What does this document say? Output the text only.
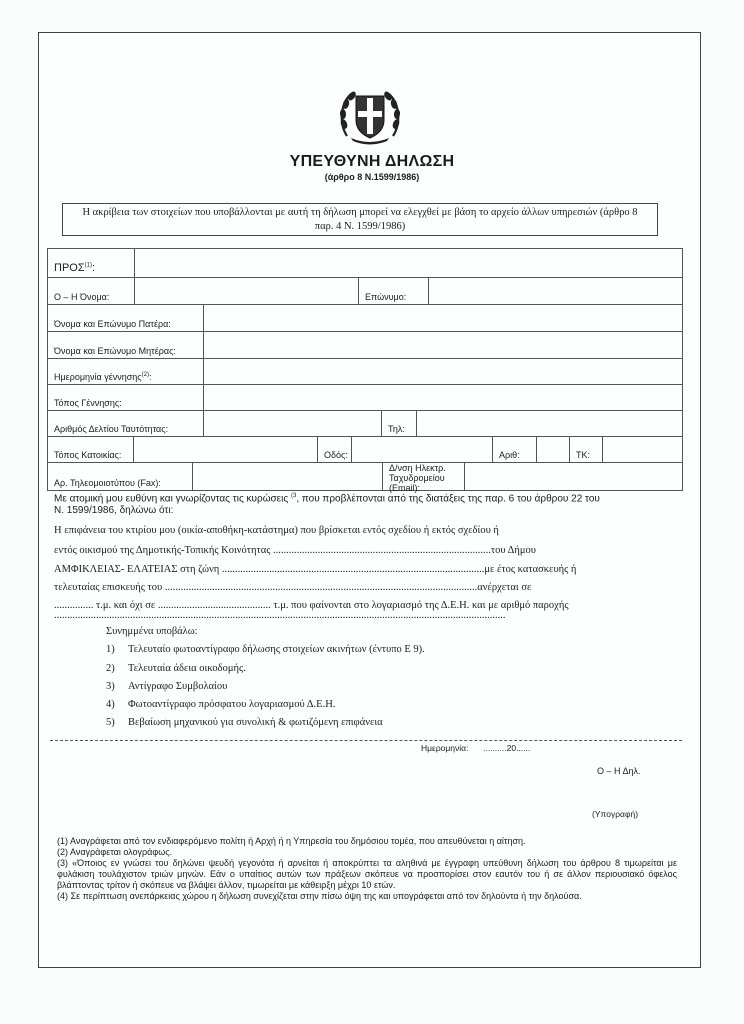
ΥΠΕΥΘΥΝΗ ΔΗΛΩΣΗ
(άρθρο 8 Ν.1599/1986)
Η ακρίβεια των στοιχείων που υποβάλλονται με αυτή τη δήλωση μπορεί να ελεγχθεί με βάση το αρχείο άλλων υπηρεσιών (άρθρο 8
παρ. 4 Ν. 1599/1986)
ΠΡΟΣ$^{(1)}$:
Ο – Η Όνομα:	Επώνυμο:
Όνομα και Επώνυμο Πατέρα:
Όνομα και Επώνυμο Μητέρας:
Ημερομηνία γέννησης$^{(2)}$:
Τόπος Γέννησης:
Αριθμός Δελτίου Ταυτότητας:	Τηλ:
Τόπος Κατοικίας:	Οδός:	Αριθ:	ΤΚ:
Αρ. Τηλεομοιοτύπου (Fax):
Δ/νση Ηλεκτρ.
Ταχυδρομείου
(Email):
Με ατομική μου ευθύνη και γνωρίζοντας τις κυρώσεις $^{(3}$, που προβλέπονται από της διατάξεις της παρ. 6 του άρθρου 22 του
Ν. 1599/1986, δηλώνω ότι:
Η επιφάνεια του κτιρίου μου (οικία-αποθήκη-κατάστημα) που βρίσκεται εντός σχεδίου ή εκτός σχεδίου ή
εντός οικισμού της Δημοτικής-Τοπικής Κοινότητας ...................................................................................του Δήμου
ΑΜΦΙΚΛΕΙΑΣ- ΕΛΑΤΕΙΑΣ στη ζώνη ....................................................................................................με έτος κατασκευής ή
τελευταίας επισκευής του .......................................................................................................................ανέρχεται σε
............... τ.μ. και όχι σε ........................................... τ.μ. που φαίνονται στο λογαριασμό της Δ.Ε.Η. και με αριθμό παροχής
............................................................................................................................................................................
Συνημμένα υποβάλω:
1) Τελευταίο φωτοαντίγραφο δήλωσης στοιχείων ακινήτων (έντυπο Ε 9).
2) Τελευταία άδεια οικοδομής.
3) Αντίγραφο Συμβολαίου
4) Φωτοαντίγραφο πρόσφατου λογαριασμού Δ.Ε.Η.
5) Βεβαίωση μηχανικού για συνολική & φωτιζόμενη επιφάνεια
Ημερομηνία: ..........20......
Ο – Η Δηλ.
(Υπογραφή)
(1) Αναγράφεται από τον ενδιαφερόμενο πολίτη ή Αρχή ή η Υπηρεσία του δημόσιου τομέα, που απευθύνεται η αίτηση.
(2) Αναγράφεται ολογράφως.
(3) «Όποιος εν γνώσει του δηλώνει ψευδή γεγονότα ή αρνείται ή αποκρύπτει τα αληθινά με έγγραφη υπεύθυνη δήλωση του άρθρου 8 τιμωρείται με φυλάκιση τουλάχιστον τριών μηνών. Εάν ο υπαίτιος αυτών των πράξεων σκόπευε να προσπορίσει στον εαυτόν του ή σε άλλον περιουσιακό όφελος βλάπτοντας τρίτον ή σκόπευε να βλάψει άλλον, τιμωρείται με κάθειρξη μέχρι 10 ετών.
(4) Σε περίπτωση ανεπάρκειας χώρου η δήλωση συνεχίζεται στην πίσω όψη της και υπογράφεται από τον δηλούντα ή την δηλούσα.
